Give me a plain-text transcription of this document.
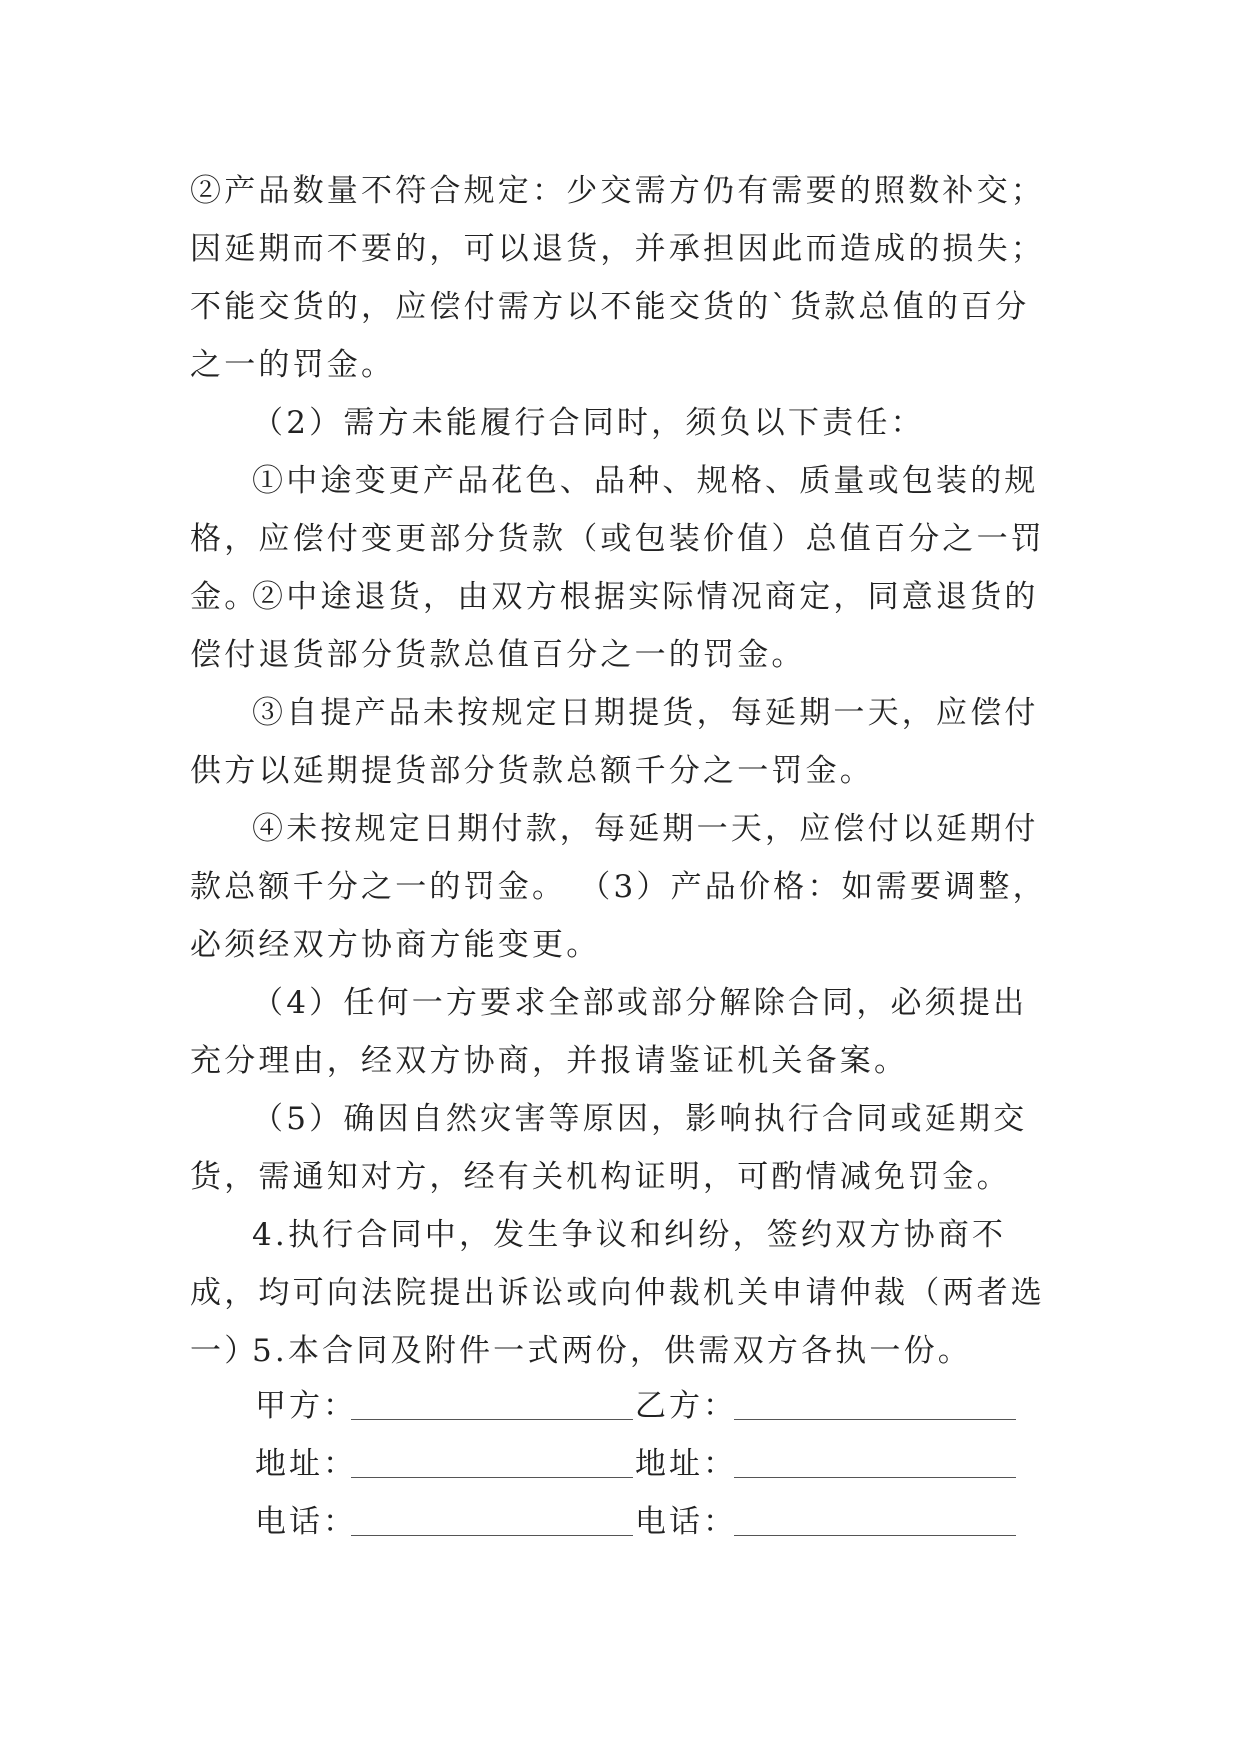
②产品数量不符合规定：少交需方仍有需要的照数补交；因延期而不要的，可以退货，并承担因此而造成的损失；不能交货的，应偿付需方以不能交货的`货款总值的百分之一的罚金。
（2）需方未能履行合同时，须负以下责任：
①中途变更产品花色、品种、规格、质量或包装的规格，应偿付变更部分货款（或包装价值）总值百分之一罚金。
②中途退货，由双方根据实际情况商定，同意退货的偿付退货部分货款总值百分之一的罚金。
③自提产品未按规定日期提货，每延期一天，应偿付供方以延期提货部分货款总额千分之一罚金。
④未按规定日期付款，每延期一天，应偿付以延期付款总额千分之一的罚金。 （3）产品价格：如需要调整，必须经双方协商方能变更。
（4）任何一方要求全部或部分解除合同，必须提出充分理由，经双方协商，并报请鉴证机关备案。
（5）确因自然灾害等原因，影响执行合同或延期交货，需通知对方，经有关机构证明，可酌情减免罚金。
4.执行合同中，发生争议和纠纷，签约双方协商不成，均可向法院提出诉讼或向仲裁机关申请仲裁（两者选一）
5.本合同及附件一式两份，供需双方各执一份。
甲方：	乙方：
地址：	地址：
电话：	电话：
